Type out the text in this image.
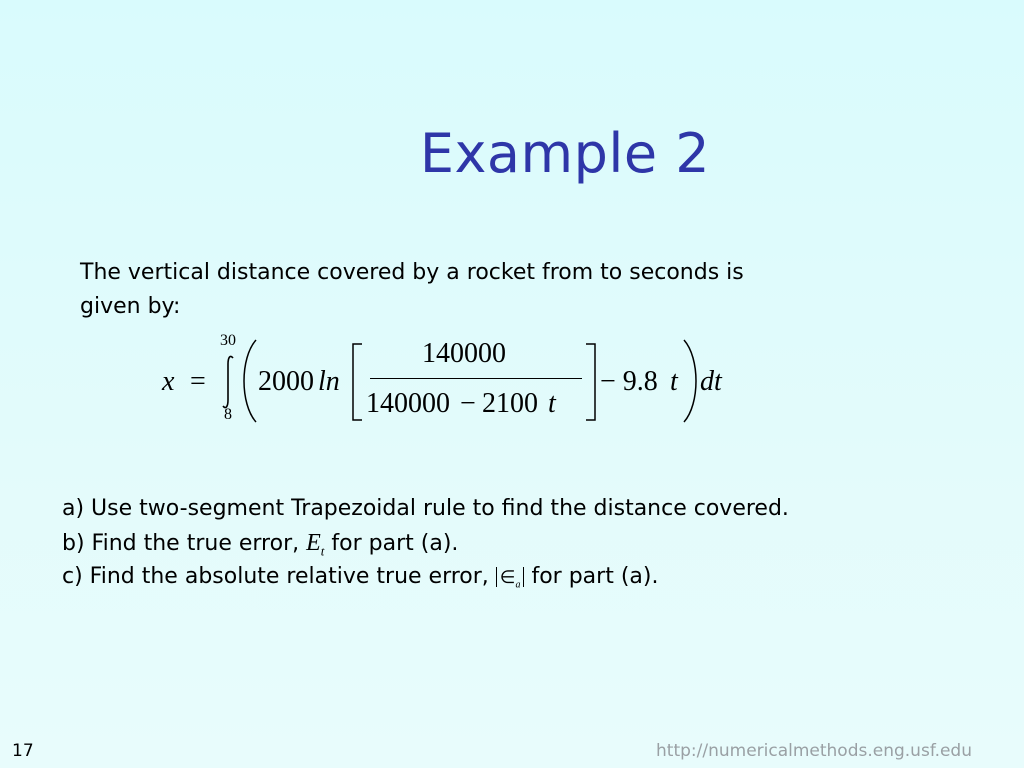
Example 2
The vertical distance covered by a rocket from to seconds is
given by:
x =
30
8
2000 ln
140000
140000 − 2100 t
− 9.8 t dt
a) Use two-segment Trapezoidal rule to find the distance covered.
b) Find the true error, $E_t$ for part (a).
c) Find the absolute relative true error, $\in_a$ for part (a).
17	http://numericalmethods.eng.usf.edu
